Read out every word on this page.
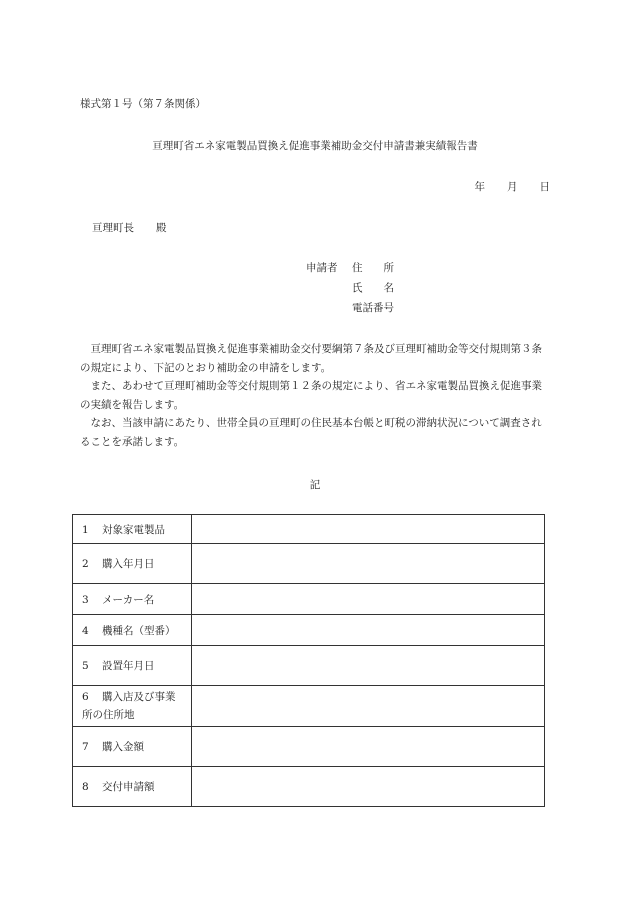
様式第１号（第７条関係）
亘理町省エネ家電製品買換え促進事業補助金交付申請書兼実績報告書
年 月 日
亘理町長 殿
申請者 住　　所
氏　　名
電話番号

亘理町省エネ家電製品買換え促進事業補助金交付要綱第７条及び亘理町補助金等交付規則第３条の規定により、下記のとおり補助金の申請をします。

また、あわせて亘理町補助金等交付規則第１２条の規定により、省エネ家電製品買換え促進事業の実績を報告します。

なお、当該申請にあたり、世帯全員の亘理町の住民基本台帳と町税の滞納状況について調査されることを承諾します。

記
1 対象家電製品	
2 購入年月日	
3 メーカー名	
4 機種名（型番）	
5 設置年月日	
6 購入店及び事業
所の住所地	
7 購入金額	
8 交付申請額	
